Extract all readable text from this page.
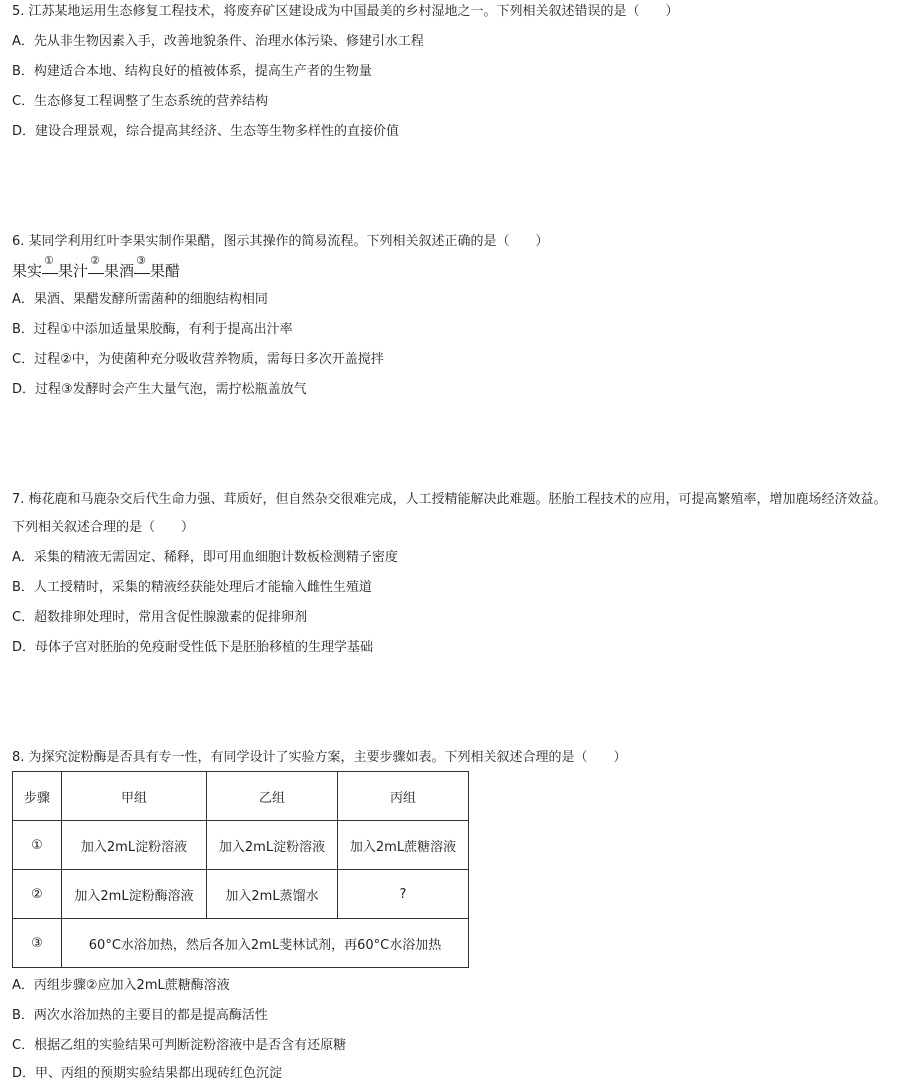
5. 江苏某地运用生态修复工程技术，将废弃矿区建设成为中国最美的乡村湿地之一。下列相关叙述错误的是（　　）
A．先从非生物因素入手，改善地貌条件、治理水体污染、修建引水工程
B．构建适合本地、结构良好的植被体系，提高生产者的生物量
C．生态修复工程调整了生态系统的营养结构
D．建设合理景观，综合提高其经济、生态等生物多样性的直接价值
6. 某同学利用红叶李果实制作果醋，图示其操作的简易流程。下列相关叙述正确的是（　　）
果实
①
果汁
②
果酒
③
果醋
A．果酒、果醋发酵所需菌种的细胞结构相同
B．过程①中添加适量果胶酶，有利于提高出汁率
C．过程②中，为使菌种充分吸收营养物质，需每日多次开盖搅拌
D．过程③发酵时会产生大量气泡，需拧松瓶盖放气
7. 梅花鹿和马鹿杂交后代生命力强、茸质好，但自然杂交很难完成，人工授精能解决此难题。胚胎工程技术的应用，可提高繁殖率，增加鹿场经济效益。下列相关叙述合理的是（　　）
A．采集的精液无需固定、稀释，即可用血细胞计数板检测精子密度
B．人工授精时，采集的精液经获能处理后才能输入雌性生殖道
C．超数排卵处理时，常用含促性腺激素的促排卵剂
D．母体子宫对胚胎的免疫耐受性低下是胚胎移植的生理学基础
8. 为探究淀粉酶是否具有专一性，有同学设计了实验方案，主要步骤如表。下列相关叙述合理的是（　　）
步骤	甲组	乙组	丙组
①	加入2mL淀粉溶液	加入2mL淀粉溶液	加入2mL蔗糖溶液
②	加入2mL淀粉酶溶液	加入2mL蒸馏水	?
③	60°C水浴加热，然后各加入2mL斐林试剂，再60°C水浴加热		
A．丙组步骤②应加入2mL蔗糖酶溶液
B．两次水浴加热的主要目的都是提高酶活性
C．根据乙组的实验结果可判断淀粉溶液中是否含有还原糖
D．甲、丙组的预期实验结果都出现砖红色沉淀
